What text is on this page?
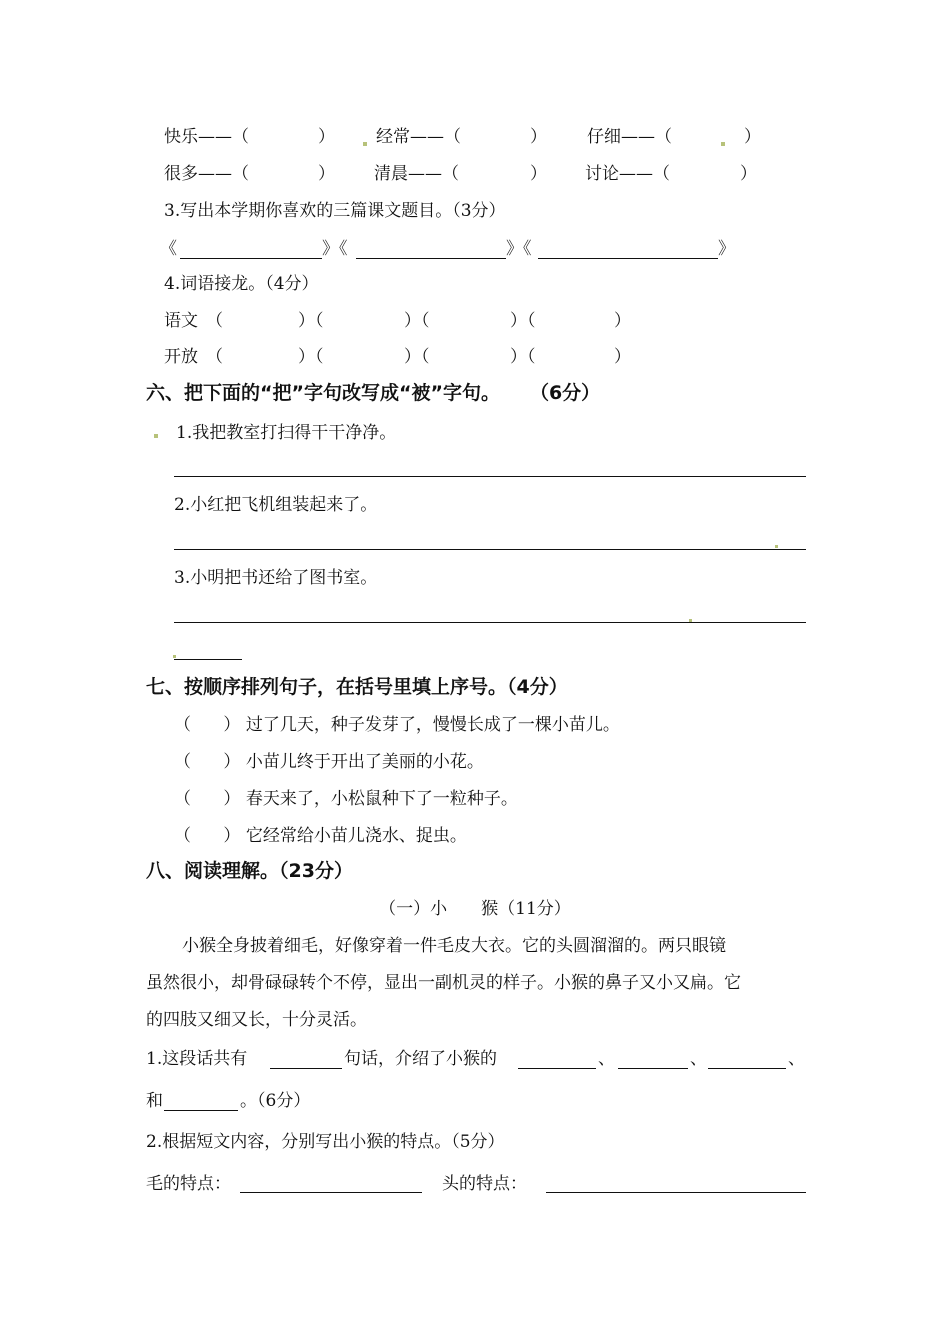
快乐——（	） 经常——（	） 仔细——（	）
很多——（	） 清晨——（	） 讨论——（	）
3.写出本学期你喜欢的三篇课文题目。（3分）
《	》《	》《	》
4.词语接龙。（4分）
语文 （	）（	）（	）（	）
开放 （	）（	）（	）（	）
六、把下面的“把”字句改写成“被”字句。 （6分）
1.我把教室打扫得干干净净。
2.小红把飞机组装起来了。
3.小明把书还给了图书室。
七、按顺序排列句子，在括号里填上序号。（4分）
（      ） 过了几天，种子发芽了，慢慢长成了一棵小苗儿。
（      ） 小苗儿终于开出了美丽的小花。
（      ） 春天来了，小松鼠种下了一粒种子。
（      ） 它经常给小苗儿浇水、捉虫。
八、阅读理解。（23分）
（一）小　　猴（11分）
小猴全身披着细毛，好像穿着一件毛皮大衣。它的头圆溜溜的。两只眼镜
虽然很小，却骨碌碌转个不停，显出一副机灵的样子。小猴的鼻子又小又扁。它
的四肢又细又长，十分灵活。
1.这段话共有	句话，介绍了小猴的	、	、	、
和	。（6分）
2.根据短文内容，分别写出小猴的特点。（5分）
毛的特点：	头的特点：
